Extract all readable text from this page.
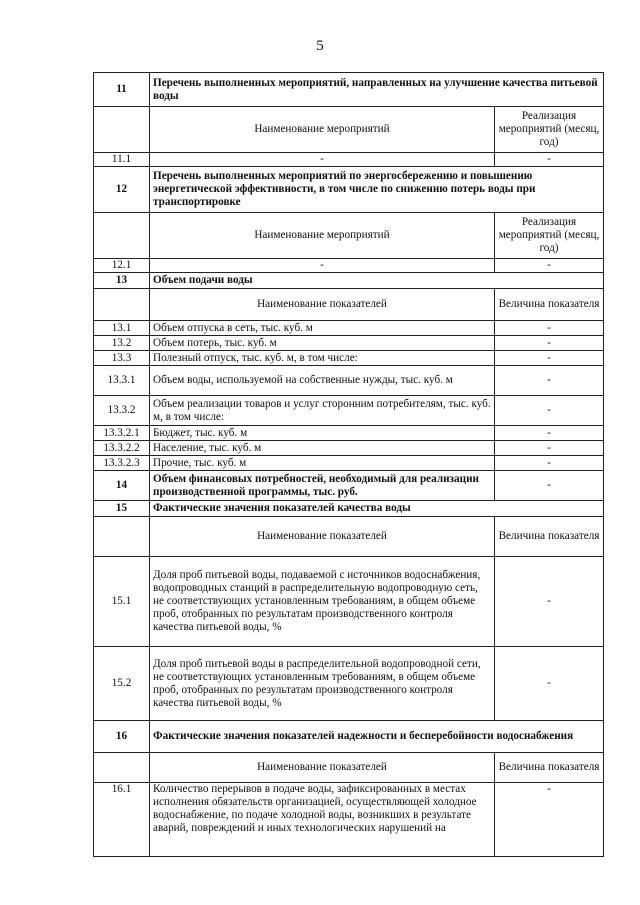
5
11	Перечень выполненных мероприятий, направленных на улучшение качества питьевой воды	
	Наименование мероприятий	Реализация мероприятий (месяц, год)
11.1	-	-
12	Перечень выполненных мероприятий по энергосбережению и повышению энергетической эффективности, в том числе по снижению потерь воды при транспортировке	
	Наименование мероприятий	Реализация мероприятий (месяц, год)
12.1	-	-
13	Объем подачи воды	
	Наименование показателей	Величина показателя
13.1	Объем отпуска в сеть, тыс. куб. м	-
13.2	Объем потерь, тыс. куб. м	-
13.3	Полезный отпуск, тыс. куб. м, в том числе:	-
13.3.1	Объем воды, используемой на собственные нужды, тыс. куб. м	-
13.3.2	Объем реализации товаров и услуг сторонним потребителям, тыс. куб. м, в том числе:	-
13.3.2.1	Бюджет, тыс. куб. м	-
13.3.2.2	Население, тыс. куб. м	-
13.3.2.3	Прочие, тыс. куб. м	-
14	Объем финансовых потребностей, необходимый для реализации производственной программы, тыс. руб.	-
15	Фактические значения показателей качества воды	
	Наименование показателей	Величина показателя
15.1	Доля проб питьевой воды, подаваемой с источников водоснабжения, водопроводных станций в распределительную водопроводную сеть, не соответствующих установленным требованиям, в общем объеме проб, отобранных по результатам производственного контроля качества питьевой воды, %	-
15.2	Доля проб питьевой воды в распределительной водопроводной сети, не соответствующих установленным требованиям, в общем объеме проб, отобранных по результатам производственного контроля качества питьевой воды, %	-
16	Фактические значения показателей надежности и бесперебойности водоснабжения	
	Наименование показателей	Величина показателя
16.1	Количество перерывов в подаче воды, зафиксированных в местах исполнения обязательств организацией, осуществляющей холодное водоснабжение, по подаче холодной воды, возникших в результате аварий, повреждений и иных технологических нарушений на	-
